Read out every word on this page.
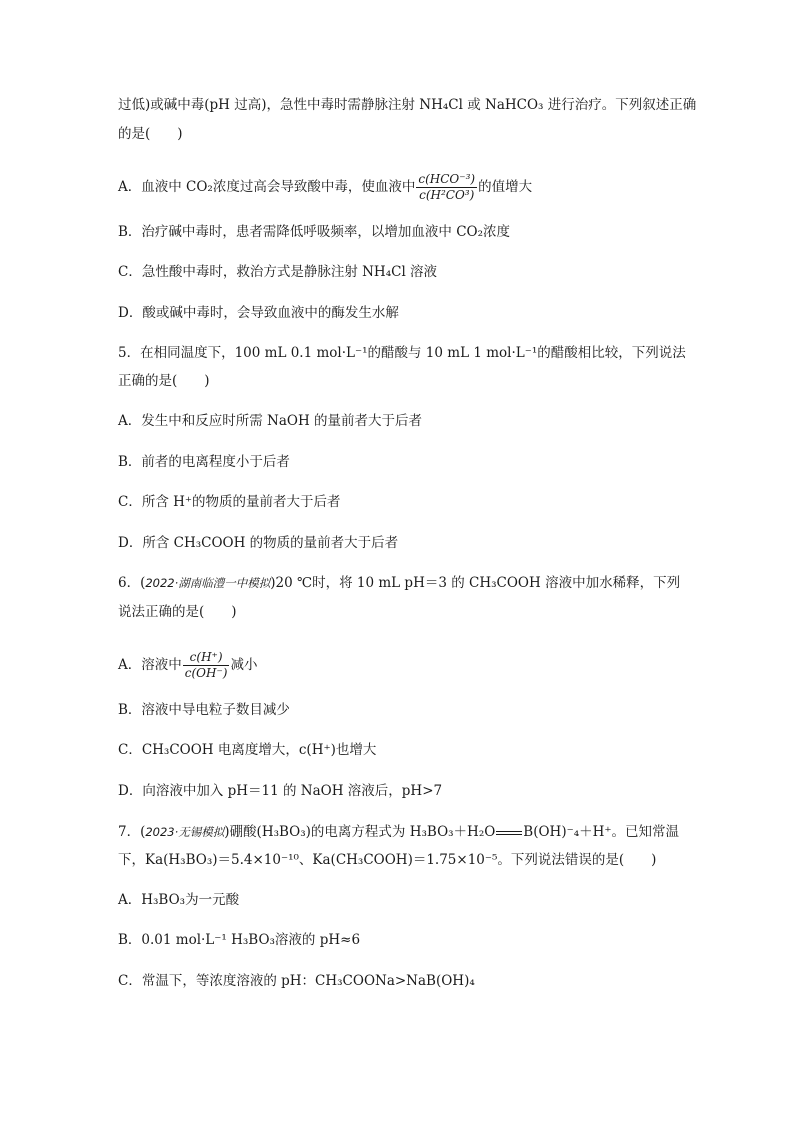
过低)或碱中毒(pH 过高)，急性中毒时需静脉注射 NH₄Cl 或 NaHCO₃ 进行治疗。下列叙述正确
的是(　　)
A．血液中 CO₂浓度过高会导致酸中毒，使血液中 $\frac{\text{c(HCO⁻³)}}{\text{c(H²CO³)}}$ 的值增大
B．治疗碱中毒时，患者需降低呼吸频率，以增加血液中 CO₂浓度
C．急性酸中毒时，救治方式是静脉注射 NH₄Cl 溶液
D．酸或碱中毒时，会导致血液中的酶发生水解
5．在相同温度下，100 mL 0.1 mol·L⁻¹的醋酸与 10 mL 1 mol·L⁻¹的醋酸相比较，下列说法
正确的是(　　)
A．发生中和反应时所需 NaOH 的量前者大于后者
B．前者的电离程度小于后者
C．所含 H⁺的物质的量前者大于后者
D．所含 CH₃COOH 的物质的量前者大于后者
6．(2022·湖南临澧一中模拟)20 ℃时，将 10 mL pH＝3 的 CH₃COOH 溶液中加水稀释，下列
说法正确的是(　　)
A．溶液中 $\frac{c(H^+)}{c(OH^-)}$ 减小
B．溶液中导电粒子数目减少
C．CH₃COOH 电离度增大，c(H⁺)也增大
D．向溶液中加入 pH＝11 的 NaOH 溶液后，pH>7
7．(2023·无锡模拟)硼酸(H₃BO₃)的电离方程式为 H₃BO₃＋H₂O B(OH)⁻₄＋H⁺。已知常温
下，Ka(H₃BO₃)＝5.4×10⁻¹⁰、Ka(CH₃COOH)＝1.75×10⁻⁵。下列说法错误的是(　　)
A．H₃BO₃为一元酸
B．0.01 mol·L⁻¹ H₃BO₃溶液的 pH≈6
C．常温下，等浓度溶液的 pH：CH₃COONa>NaB(OH)₄
